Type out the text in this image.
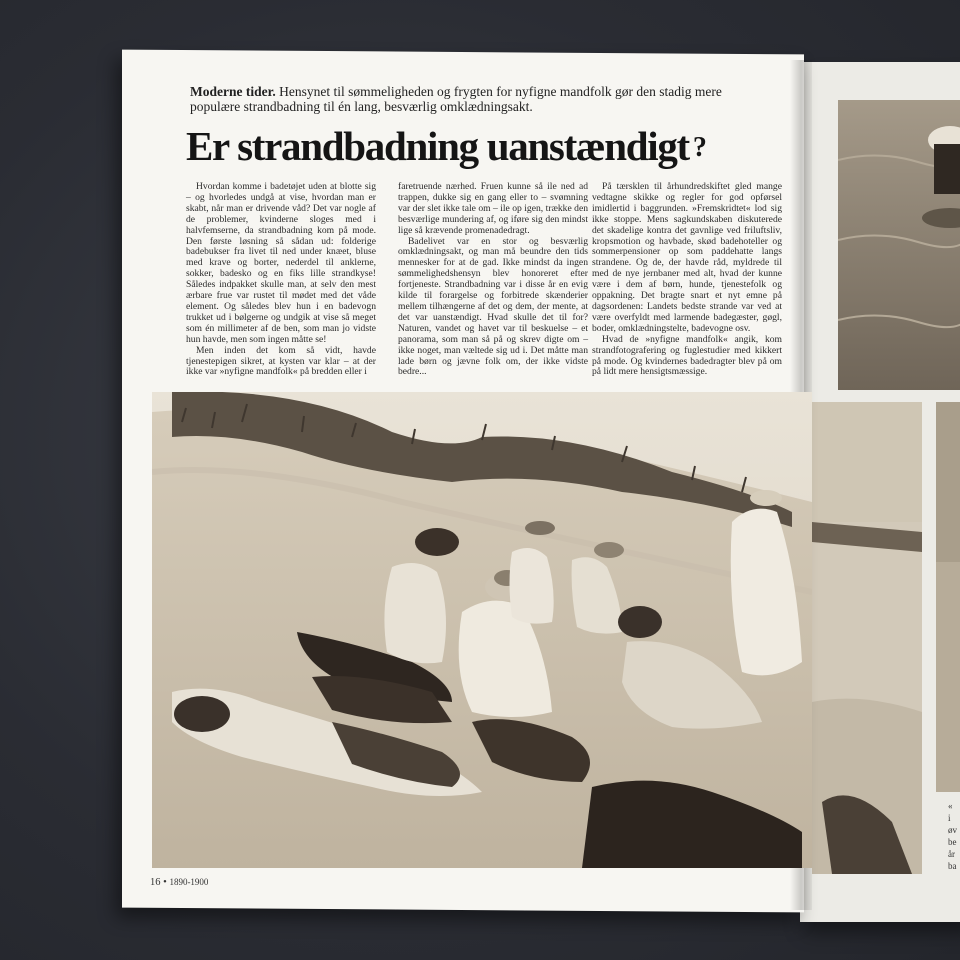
«
i
øv
be
år
ba
Moderne tider. Hensynet til sømmeligheden og frygten for nyfigne mandfolk gør den stadig mere populære strandbadning til én lang, besværlig omklædningsakt.
Er strandbadning uanstændigt ?

Hvordan komme i badetøjet uden at blotte sig – og hvorledes undgå at vise, hvordan man er skabt, når man er drivende våd? Det var nogle af de problemer, kvinderne sloges med i halvfemserne, da strandbadning kom på mode. Den første løsning så sådan ud: folderige badebukser fra livet til ned under knæet, bluse med krave og borter, nederdel til anklerne, sokker, badesko og en fiks lille strandkyse! Således indpakket skulle man, at selv den mest ærbare frue var rustet til mødet med det våde element. Og således blev hun i en badevogn trukket ud i bølgerne og undgik at vise så meget som én millimeter af de ben, som man jo vidste hun havde, men som ingen måtte se!

Men inden det kom så vidt, havde tjenestepigen sikret, at kysten var klar – at der ikke var »nyfigne mandfolk« på bredden eller i

faretruende nærhed. Fruen kunne så ile ned ad trappen, dukke sig en gang eller to – svømning var der slet ikke tale om – ile op igen, trække den besværlige mundering af, og iføre sig den mindst lige så krævende promenadedragt.

Badelivet var en stor og besværlig omklædningsakt, og man må beundre den tids mennesker for at de gad. Ikke mindst da ingen sømmelighedshensyn blev honoreret efter fortjeneste. Strandbadning var i disse år en evig kilde til forargelse og forbitrede skænderier mellem tilhængerne af det og dem, der mente, at det var uanstændigt. Hvad skulle det til for? Naturen, vandet og havet var til beskuelse – et panorama, som man så på og skrev digte om – ikke noget, man væltede sig ud i. Det måtte man lade børn og jævne folk om, der ikke vidste bedre...

På tærsklen til århundredskiftet gled mange vedtagne skikke og regler for god opførsel imidlertid i baggrunden. »Fremskridtet« lod sig ikke stoppe. Mens sagkundskaben diskuterede det skadelige kontra det gavnlige ved friluftsliv, kropsmotion og havbade, skød badehoteller og sommerpensioner op som paddehatte langs strandene. Og de, der havde råd, myldrede til med de nye jernbaner med alt, hvad der kunne være i dem af børn, hunde, tjenestefolk og oppakning. Det bragte snart et nyt emne på dagsordenen: Landets bedste strande var ved at være overfyldt med larmende badegæster, gøgl, boder, omklædningstelte, badevogne osv.

Hvad de »nyfigne mandfolk« angik, kom strandfotografering og fuglestudier med kikkert på mode. Og kvindernes badedragter blev på om på lidt mere hensigtsmæssige.

16 • 1890-1900
